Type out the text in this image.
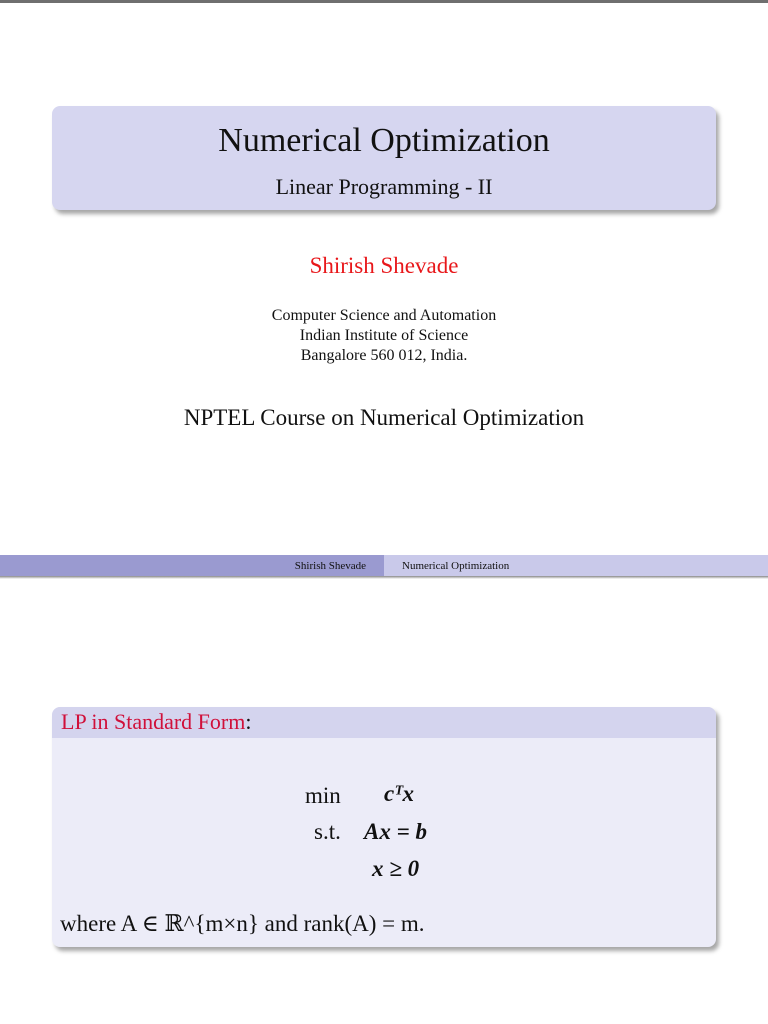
Numerical Optimization
Linear Programming - II
Shirish Shevade
Computer Science and Automation
Indian Institute of Science
Bangalore 560 012, India.
NPTEL Course on Numerical Optimization
Shirish Shevade	Numerical Optimization
LP in Standard Form:
min
s.t.
cᵀx
Ax = b
x ≥ 0
where A ∈ ℝ^{m×n} and rank(A) = m.
